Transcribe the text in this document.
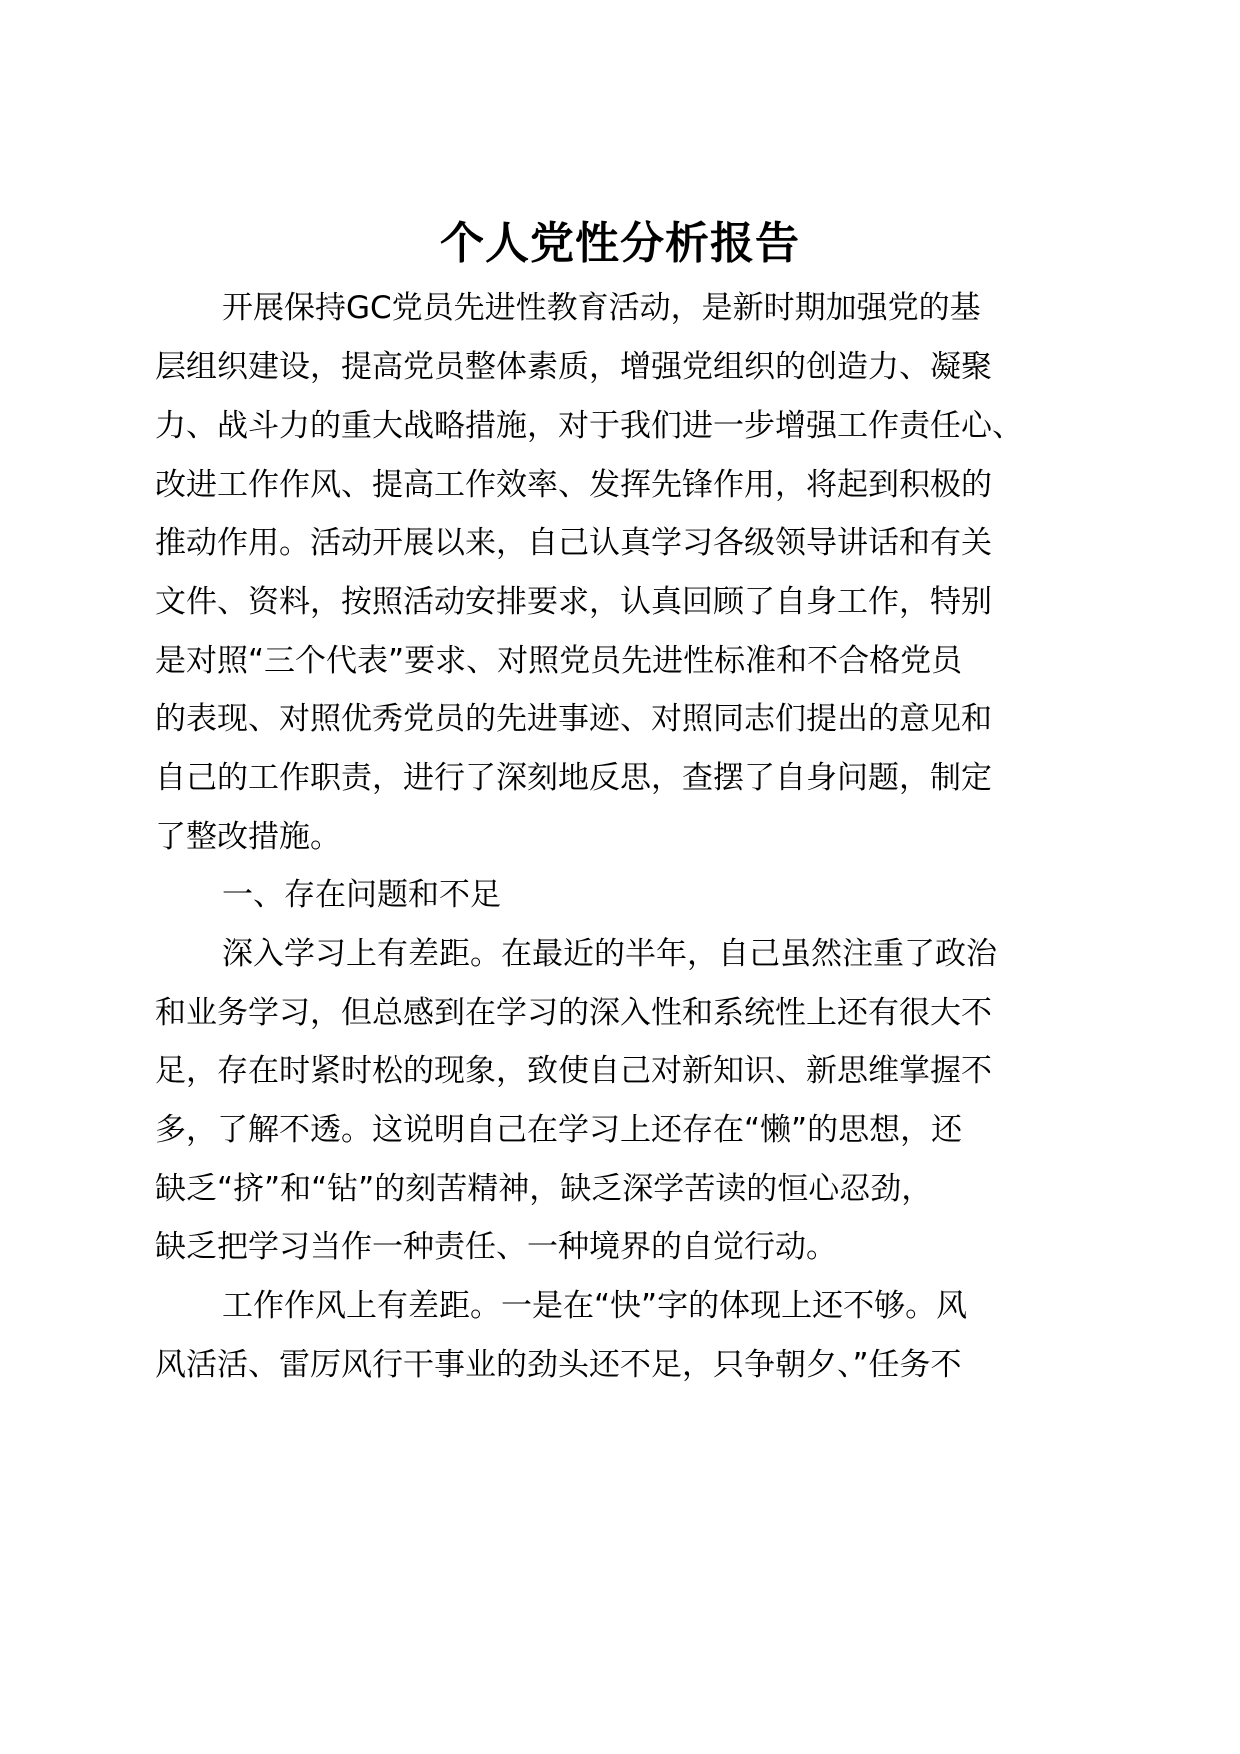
个人党性分析报告
开展保持GC党员先进性教育活动，是新时期加强党的基
层组织建设，提高党员整体素质，增强党组织的创造力、凝聚
力、战斗力的重大战略措施，对于我们进一步增强工作责任心、
改进工作作风、提高工作效率、发挥先锋作用，将起到积极的
推动作用。活动开展以来，自己认真学习各级领导讲话和有关
文件、资料，按照活动安排要求，认真回顾了自身工作，特别
是对照“三个代表”要求、对照党员先进性标准和不合格党员
的表现、对照优秀党员的先进事迹、对照同志们提出的意见和
自己的工作职责，进行了深刻地反思，查摆了自身问题，制定
了整改措施。
一、存在问题和不足
深入学习上有差距。在最近的半年，自己虽然注重了政治
和业务学习，但总感到在学习的深入性和系统性上还有很大不
足，存在时紧时松的现象，致使自己对新知识、新思维掌握不
多，了解不透。这说明自己在学习上还存在“懒”的思想，还
缺乏“挤”和“钻”的刻苦精神，缺乏深学苦读的恒心忍劲，
缺乏把学习当作一种责任、一种境界的自觉行动。
工作作风上有差距。一是在“快”字的体现上还不够。风
风活活、雷厉风行干事业的劲头还不足，只争朝夕、”任务不
